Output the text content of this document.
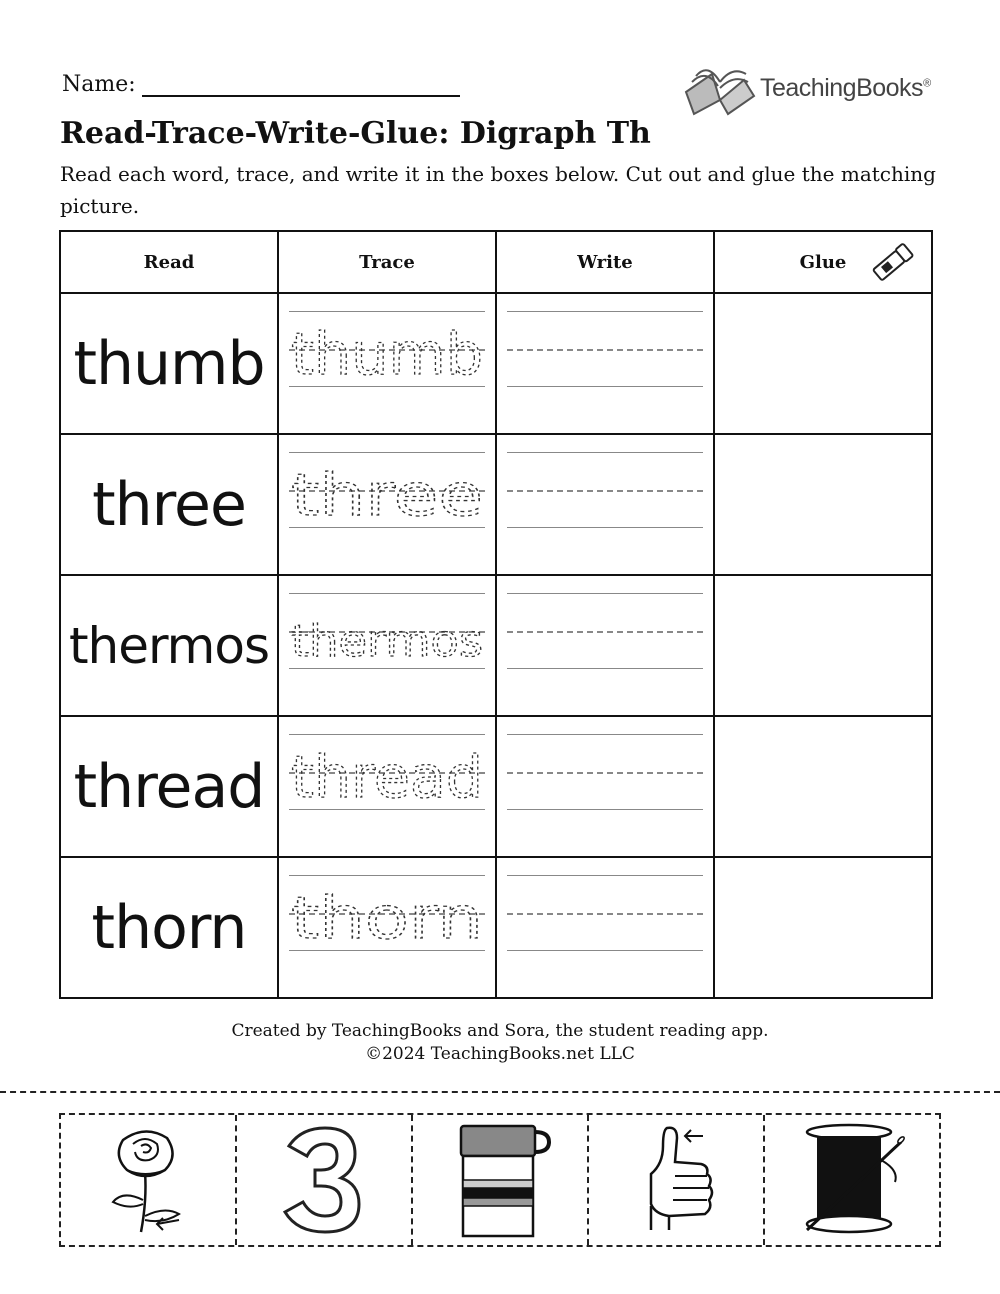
Name:	TeachingBooks®
Read-Trace-Write-Glue: Digraph Th
Read each word, trace, and write it in the boxes below. Cut out and glue the matching picture.
Read	Trace	Write	Glue

thumb	thumb		

three	three		

thermos	thermos		

thread	thread		

thorn	thorn		

Created by TeachingBooks and Sora, the student reading app.
©2024 TeachingBooks.net LLC
